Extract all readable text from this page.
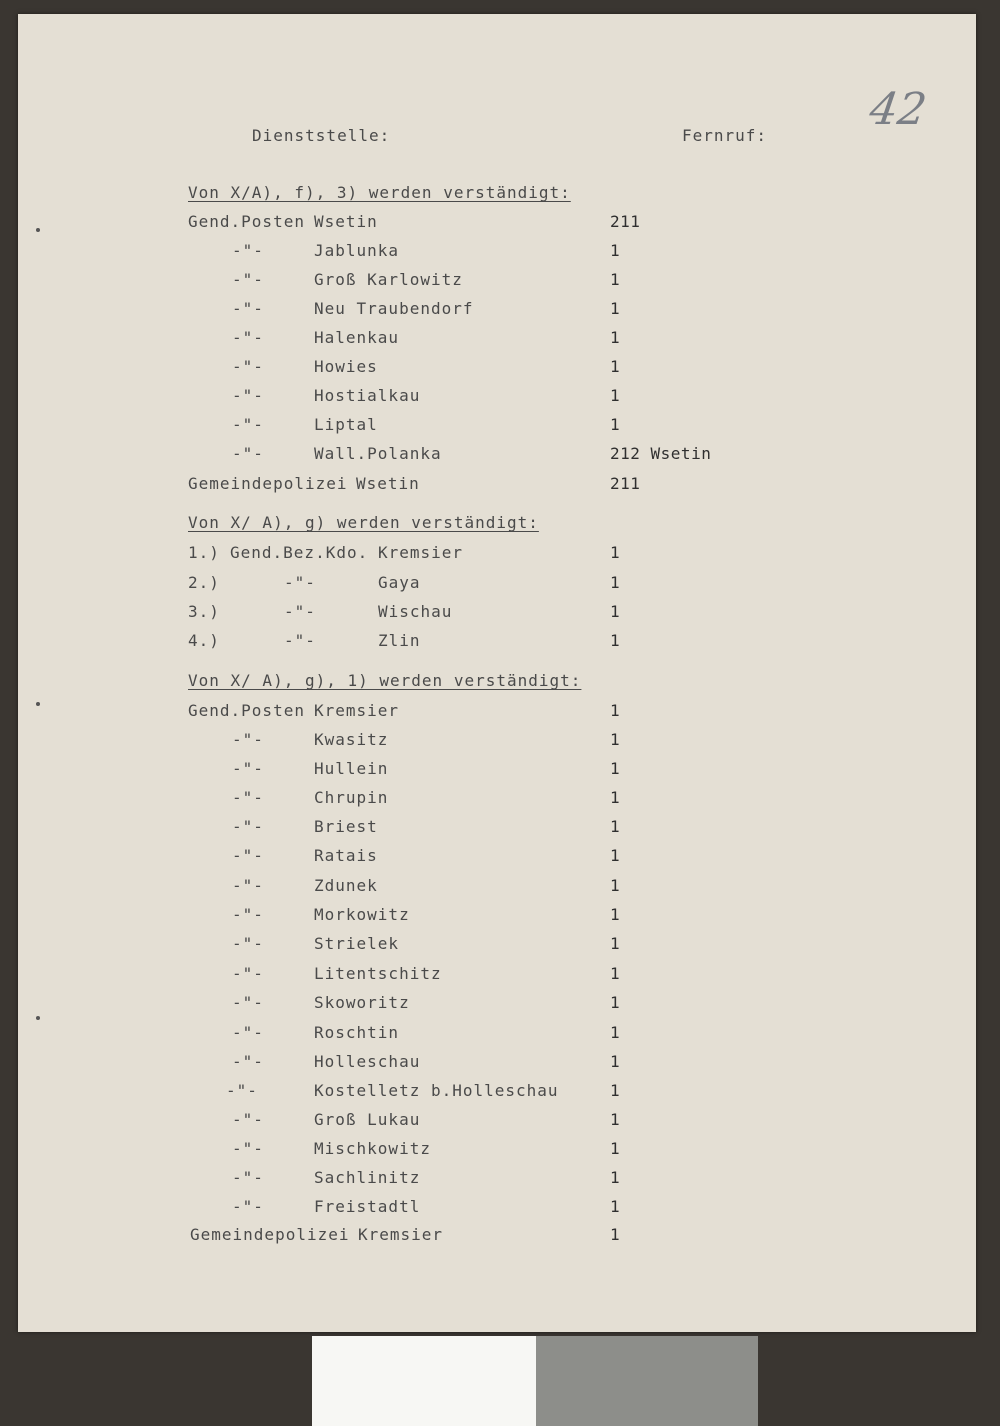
42
Dienststelle:	Fernruf:
Von X/A), f), 3) werden verständigt:
Gend.Posten Wsetin	211
-"-	Jablunka	1
-"-	Groß Karlowitz	1
-"-	Neu Traubendorf	1
-"-	Halenkau	1
-"-	Howies	1
-"-	Hostialkau	1
-"-	Liptal	1
-"-	Wall.Polanka	212 Wsetin
Gemeindepolizei Wsetin	211
Von X/ A), g) werden verständigt:
1.) Gend.Bez.Kdo. Kremsier	1
2.)	-"-	Gaya	1
3.)	-"-	Wischau	1
4.)	-"-	Zlin	1
Von X/ A), g), 1) werden verständigt:
Gend.Posten Kremsier	1
-"-	Kwasitz	1
-"-	Hullein	1
-"-	Chrupin	1
-"-	Briest	1
-"-	Ratais	1
-"-	Zdunek	1
-"-	Morkowitz	1
-"-	Strielek	1
-"-	Litentschitz	1
-"-	Skoworitz	1
-"-	Roschtin	1
-"-	Holleschau	1
-"-	Kostelletz b.Holleschau	1
-"-	Groß Lukau	1
-"-	Mischkowitz	1
-"-	Sachlinitz	1
-"-	Freistadtl	1
Gemeindepolizei Kremsier	1
